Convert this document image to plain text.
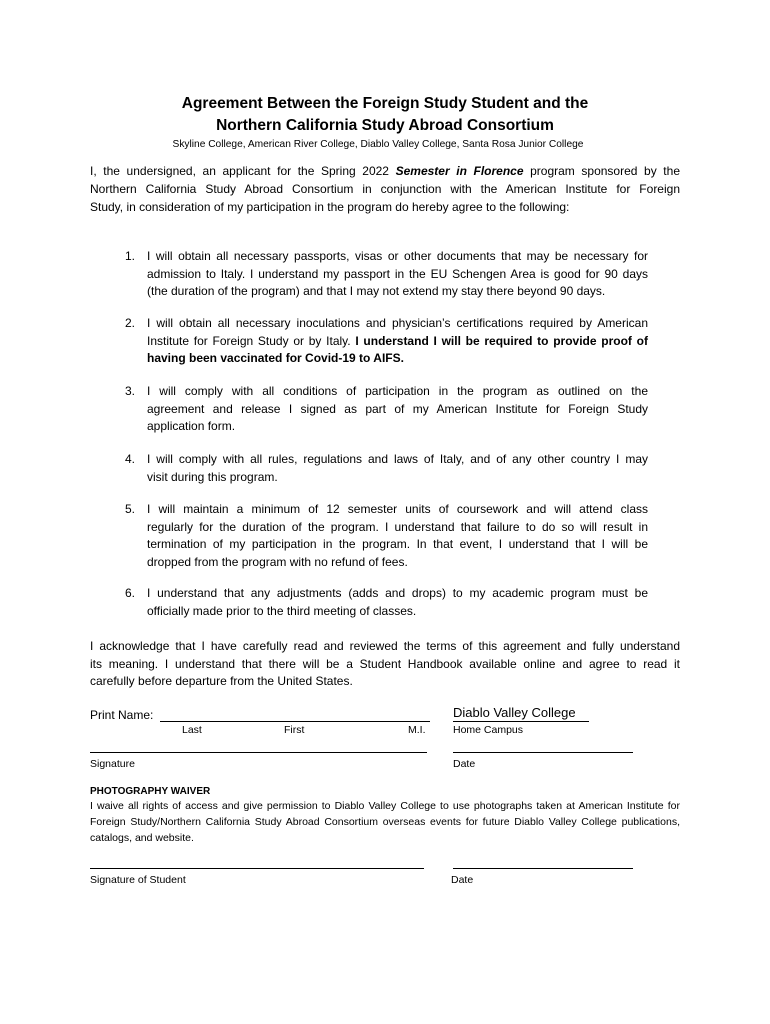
Agreement Between the Foreign Study Student and the
Northern California Study Abroad Consortium
Skyline College, American River College, Diablo Valley College, Santa Rosa Junior College
I, the undersigned, an applicant for the Spring 2022 Semester in Florence program sponsored by the
Northern California Study Abroad Consortium in conjunction with the American Institute for Foreign
Study, in consideration of my participation in the program do hereby agree to the following:
1. I will obtain all necessary passports, visas or other documents that may be necessary for
admission to Italy. I understand my passport in the EU Schengen Area is good for 90 days
(the duration of the program) and that I may not extend my stay there beyond 90 days.
2. I will obtain all necessary inoculations and physician’s certifications required by American
Institute for Foreign Study or by Italy. I understand I will be required to provide proof of
having been vaccinated for Covid-19 to AIFS.
3. I will comply with all conditions of participation in the program as outlined on the
agreement and release I signed as part of my American Institute for Foreign Study
application form.
4. I will comply with all rules, regulations and laws of Italy, and of any other country I may
visit during this program.
5. I will maintain a minimum of 12 semester units of coursework and will attend class
regularly for the duration of the program. I understand that failure to do so will result in
termination of my participation in the program. In that event, I understand that I will be
dropped from the program with no refund of fees.
6. I understand that any adjustments (adds and drops) to my academic program must be
officially made prior to the third meeting of classes.
I acknowledge that I have carefully read and reviewed the terms of this agreement and fully understand
its meaning. I understand that there will be a Student Handbook available online and agree to read it
carefully before departure from the United States.
Print Name:	Diablo Valley College
Last	First	M.I.	Home Campus
Signature	Date
PHOTOGRAPHY WAIVER
I waive all rights of access and give permission to Diablo Valley College to use photographs taken at American Institute for
Foreign Study/Northern California Study Abroad Consortium overseas events for future Diablo Valley College publications,
catalogs, and website.
Signature of Student	Date
